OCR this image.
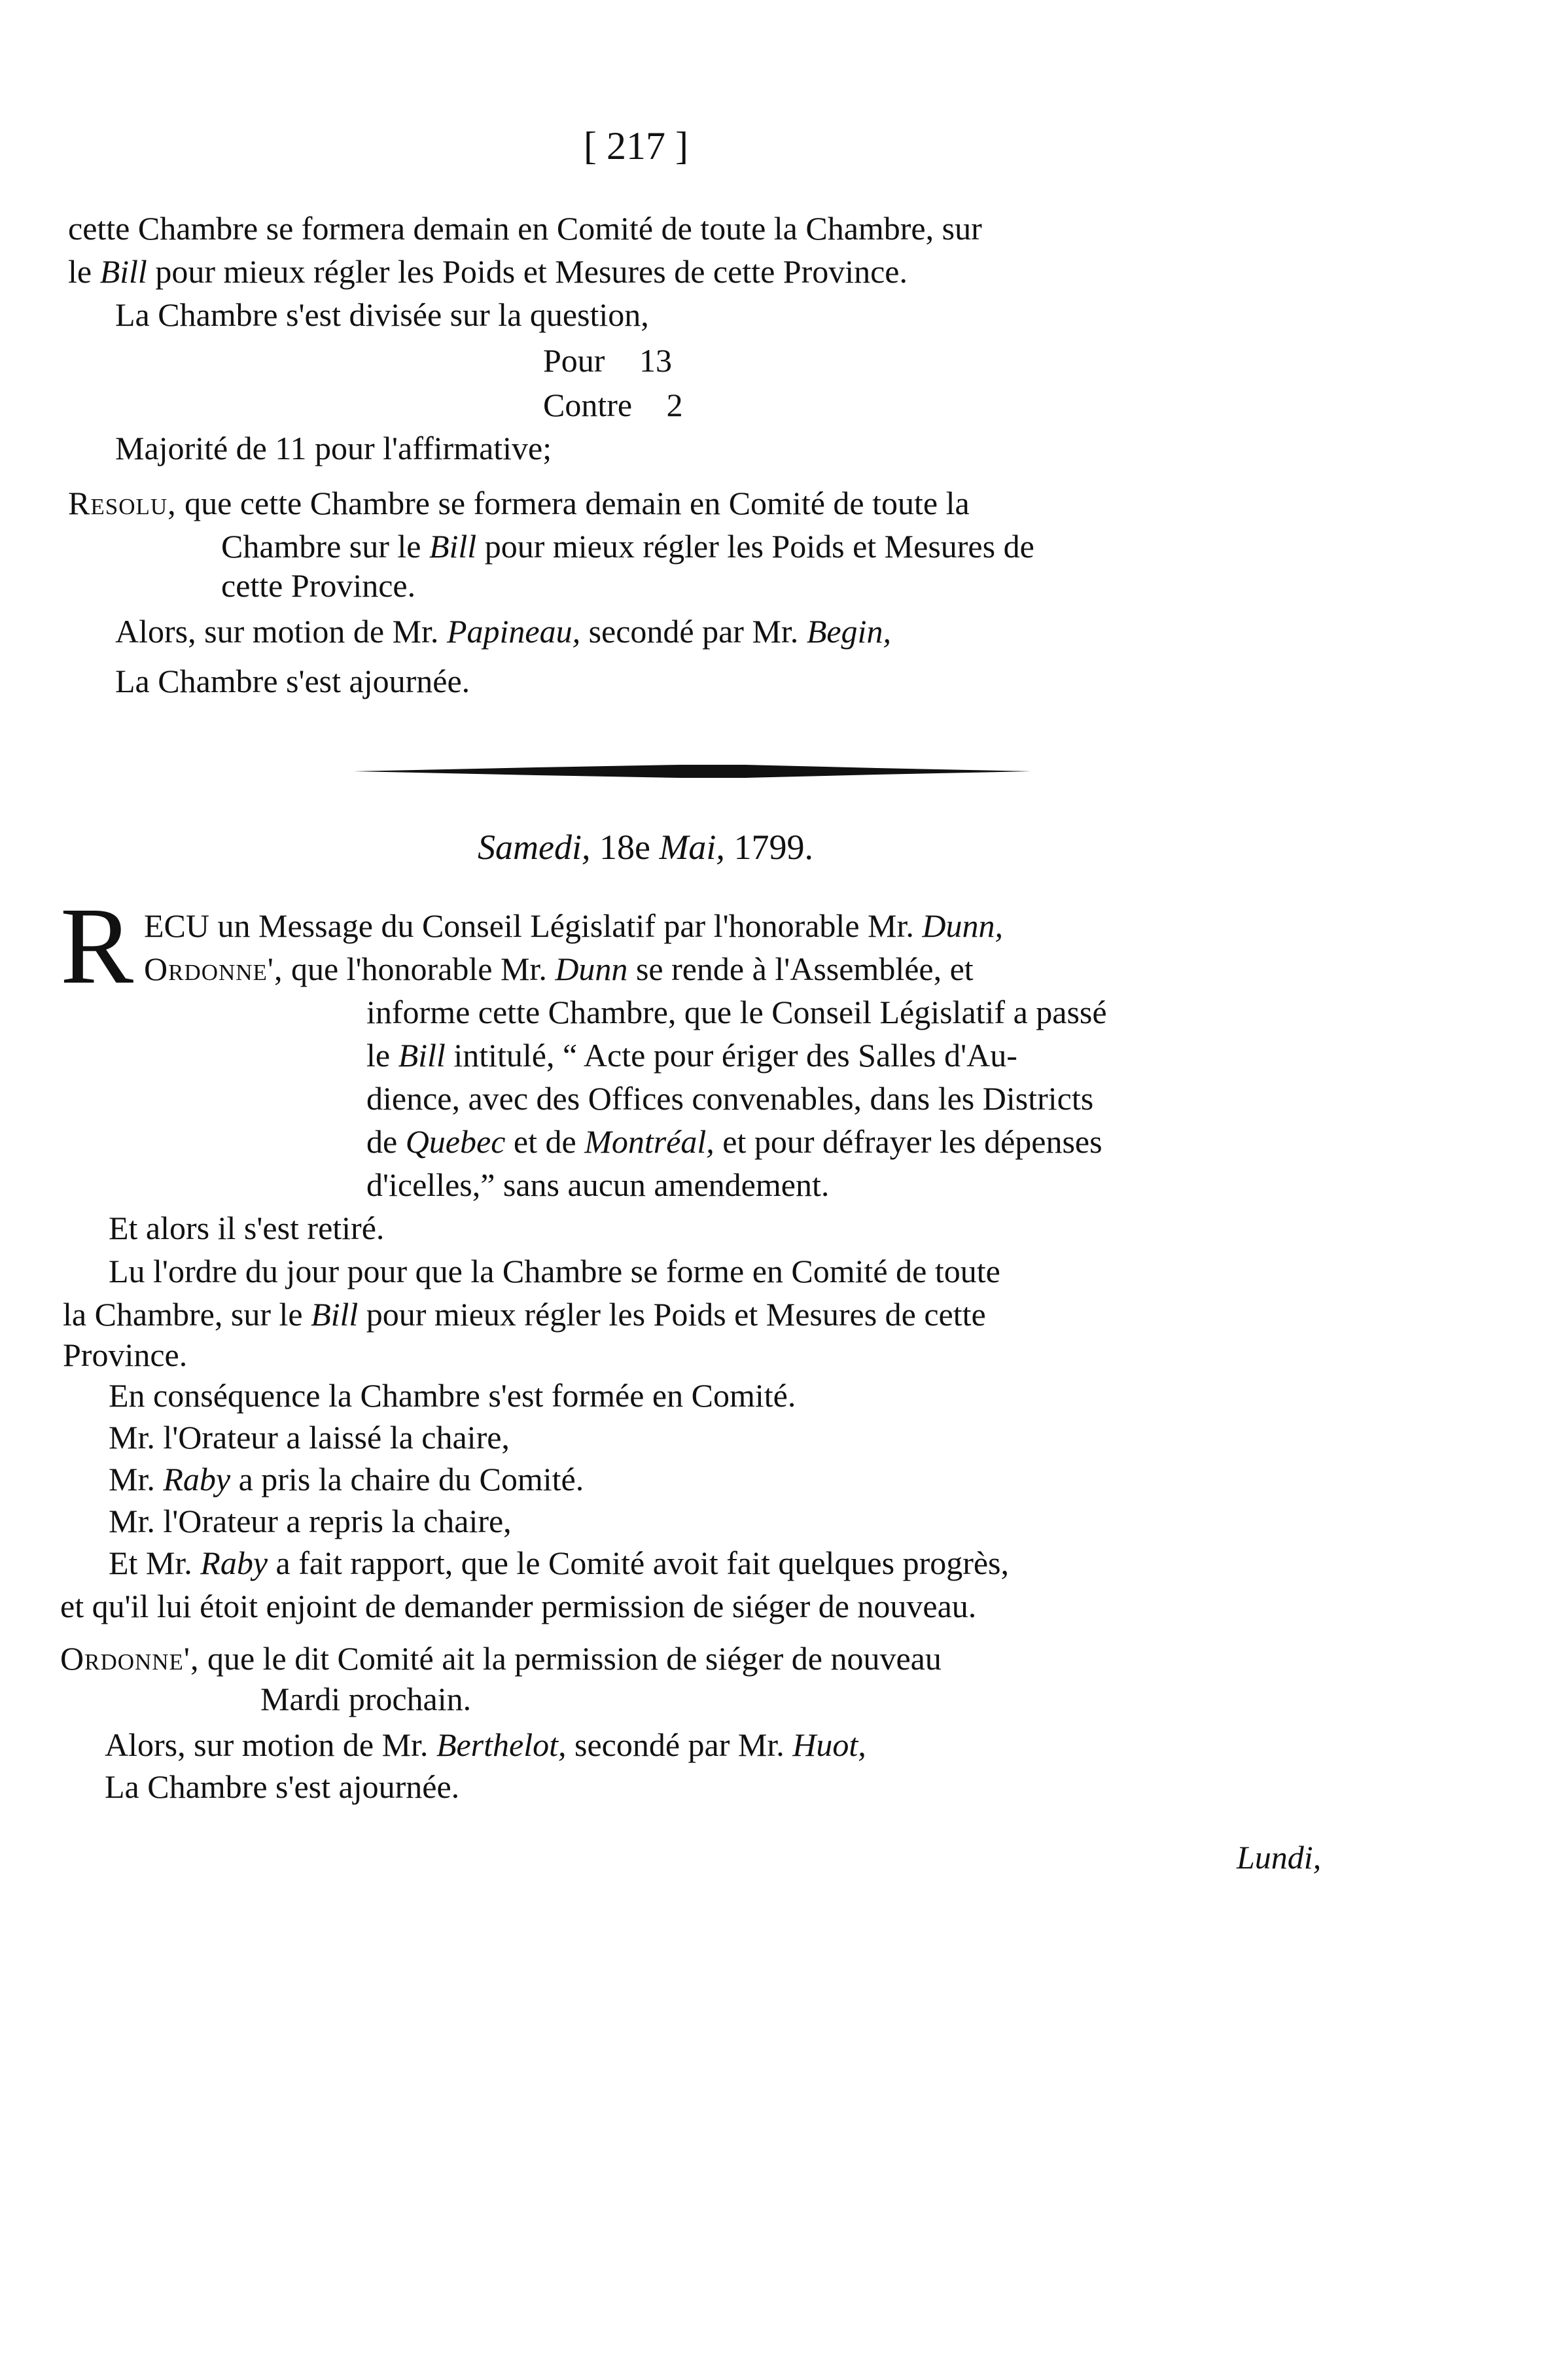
[ 217 ]
cette Chambre se formera demain en Comité de toute la Chambre, sur
le Bill pour mieux régler les Poids et Mesures de cette Province.
La Chambre s'est divisée sur la question,
Pour 13
Contre 2
Majorité de 11 pour l'affirmative;
Resolu, que cette Chambre se formera demain en Comité de toute la
Chambre sur le Bill pour mieux régler les Poids et Mesures de
cette Province.
Alors, sur motion de Mr. Papineau, secondé par Mr. Begin,
La Chambre s'est ajournée.
Samedi, 18e Mai, 1799.
R ECU un Message du Conseil Législatif par l'honorable Mr. Dunn,
Ordonne', que l'honorable Mr. Dunn se rende à l'Assemblée, et
informe cette Chambre, que le Conseil Législatif a passé
le Bill intitulé, “ Acte pour ériger des Salles d'Au-
dience, avec des Offices convenables, dans les Districts
de Quebec et de Montréal, et pour défrayer les dépenses
d'icelles,” sans aucun amendement.
Et alors il s'est retiré.
Lu l'ordre du jour pour que la Chambre se forme en Comité de toute
la Chambre, sur le Bill pour mieux régler les Poids et Mesures de cette
Province.
En conséquence la Chambre s'est formée en Comité.
Mr. l'Orateur a laissé la chaire,
Mr. Raby a pris la chaire du Comité.
Mr. l'Orateur a repris la chaire,
Et Mr. Raby a fait rapport, que le Comité avoit fait quelques progrès,
et qu'il lui étoit enjoint de demander permission de siéger de nouveau.
Ordonne', que le dit Comité ait la permission de siéger de nouveau
Mardi prochain.
Alors, sur motion de Mr. Berthelot, secondé par Mr. Huot,
La Chambre s'est ajournée.
Lundi,
